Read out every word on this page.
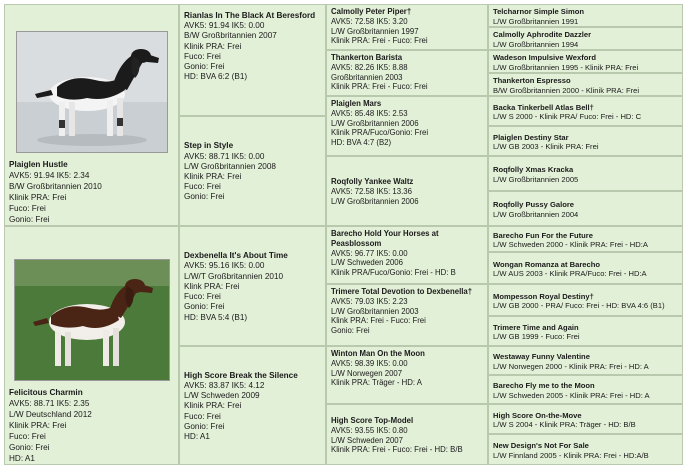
Plaiglen Hustle
AVK5: 91.94 IK5: 2.34
B/W Großbritannien 2010
Klinik PRA: Frei
Fuco: Frei
Gonio: Frei
Felicitous Charmin
AVK5: 88.71 IK5: 2.35
L/W Deutschland 2012
Klinik PRA: Frei
Fuco: Frei
Gonio: Frei
HD: A1
Rianlas In The Black At Beresford
AVK5: 91.94 IK5: 0.00
B/W Großbritannien 2007
Klinik PRA: Frei
Fuco: Frei
Gonio: Frei
HD: BVA 6:2 (B1)
Step in Style
AVK5: 88.71 IK5: 0.00
L/W Großbritannien 2008
Klinik PRA: Frei
Fuco: Frei
Gonio: Frei
Dexbenella It's About Time
AVK5: 95.16 IK5: 0.00
L/W/T Großbritannien 2010
Klink PRA: Frei
Fuco: Frei
Gonio: Frei
HD: BVA 5:4 (B1)
High Score Break the Silence
AVK5: 83.87 IK5: 4.12
L/W Schweden 2009
Klinik PRA: Frei
Fuco: Frei
Gonio: Frei
HD: A1
Calmolly Peter Piper†
AVK5: 72.58 IK5: 3.20
L/W Großbritannien 1997
Klinik PRA: Frei - Fuco: Frei
Thankerton Barista
AVK5: 82.26 IK5: 8.88
Großbritannien 2003
Klinik PRA: Frei - Fuco: Frei
Plaiglen Mars
AVK5: 85.48 IK5: 2.53
L/W Großbritannien 2006
Klinik PRA/Fuco/Gonio: Frei
HD: BVA 4:7 (B2)
Roqfolly Yankee Waltz
AVK5: 72.58 IK5: 13.36
L/W Großbritannien 2006
Barecho Hold Your Horses at Peasblossom
AVK5: 96.77 IK5: 0.00
L/W Schweden 2006
Klinik PRA/Fuco/Gonio: Frei - HD: B
Trimere Total Devotion to Dexbenella†
AVK5: 79.03 IK5: 2.23
L/W Großbritannien 2003
Klink PRA: Frei - Fuco: Frei
Gonio: Frei
Winton Man On the Moon
AVK5: 98.39 IK5: 0.00
L/W Norwegen 2007
Klinik PRA: Träger - HD: A
High Score Top-Model
AVK5: 93.55 IK5: 0.80
L/W Schweden 2007
Klinik PRA: Frei - Fuco: Frei - HD: B/B
Telcharnor Simple Simon
L/W Großbritannien 1991
Calmolly Aphrodite Dazzler
L/W Großbritannien 1994
Wadeson Impulsive Wexford
L/W Großbritannien 1995 - Klinik PRA: Frei
Thankerton Espresso
B/W Großbritannien 2000 - Klinik PRA: Frei
Backa Tinkerbell Atlas Bell†
L/W S 2000 - Klinik PRA/ Fuco: Frei - HD: C
Plaiglen Destiny Star
L/W GB 2003 - Klinik PRA: Frei
Roqfolly Xmas Kracka
L/W Großbritannien 2005
Roqfolly Pussy Galore
L/W Großbritannien 2004
Barecho Fun For the Future
L/W Schweden 2000 - Klinik PRA: Frei - HD:A
Wongan Romanza at Barecho
L/W AUS 2003 - Klinik PRA/Fuco: Frei - HD:A
Mompesson Royal Destiny†
L/W GB 2000 - PRA/ Fuco: Frei - HD: BVA 4:6 (B1)
Trimere Time and Again
L/W GB 1999 - Fuco: Frei
Westaway Funny Valentine
L/W Norwegen 2000 - Klinik PRA: Frei - HD: A
Barecho Fly me to the Moon
L/W Schweden 2005 - Klinik PRA: Frei - HD: A
High Score On-the-Move
L/W S 2004 - Klinik PRA: Träger - HD: B/B
New Design's Not For Sale
L/W Finnland 2005 - Klinik PRA: Frei - HD:A/B
